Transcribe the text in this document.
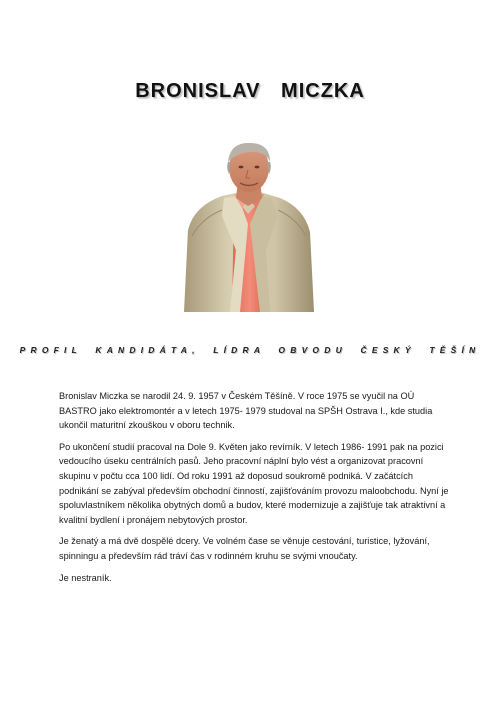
BRONISLAV MICZKA
PROFIL KANDIDÁTA, LÍDRA OBVODU ČESKÝ TĚŠÍN

Bronislav Miczka se narodil 24. 9. 1957 v Českém Těšíně. V roce 1975 se vyučil na OÚ BASTRO jako elektromontér a v letech 1975- 1979 studoval na SPŠH Ostrava I., kde studia ukončil maturitní zkouškou v oboru technik.

Po ukončení studií pracoval na Dole 9. Květen jako revírník. V letech 1986- 1991 pak na pozici vedoucího úseku centrálních pasů. Jeho pracovní náplní bylo vést a organizovat pracovní skupinu v počtu cca 100 lidí. Od roku 1991 až doposud soukromě podniká. V začátcích podnikání se zabýval především obchodní činností, zajišťováním provozu maloobchodu. Nyní je spoluvlastníkem několika obytných domů a budov, které modernizuje a zajišťuje tak atraktivní a kvalitní bydlení i pronájem nebytových prostor.

Je ženatý a má dvě dospělé dcery. Ve volném čase se věnuje cestování, turistice, lyžování, spinningu a především rád tráví čas v rodinném kruhu se svými vnoučaty.

Je nestraník.
